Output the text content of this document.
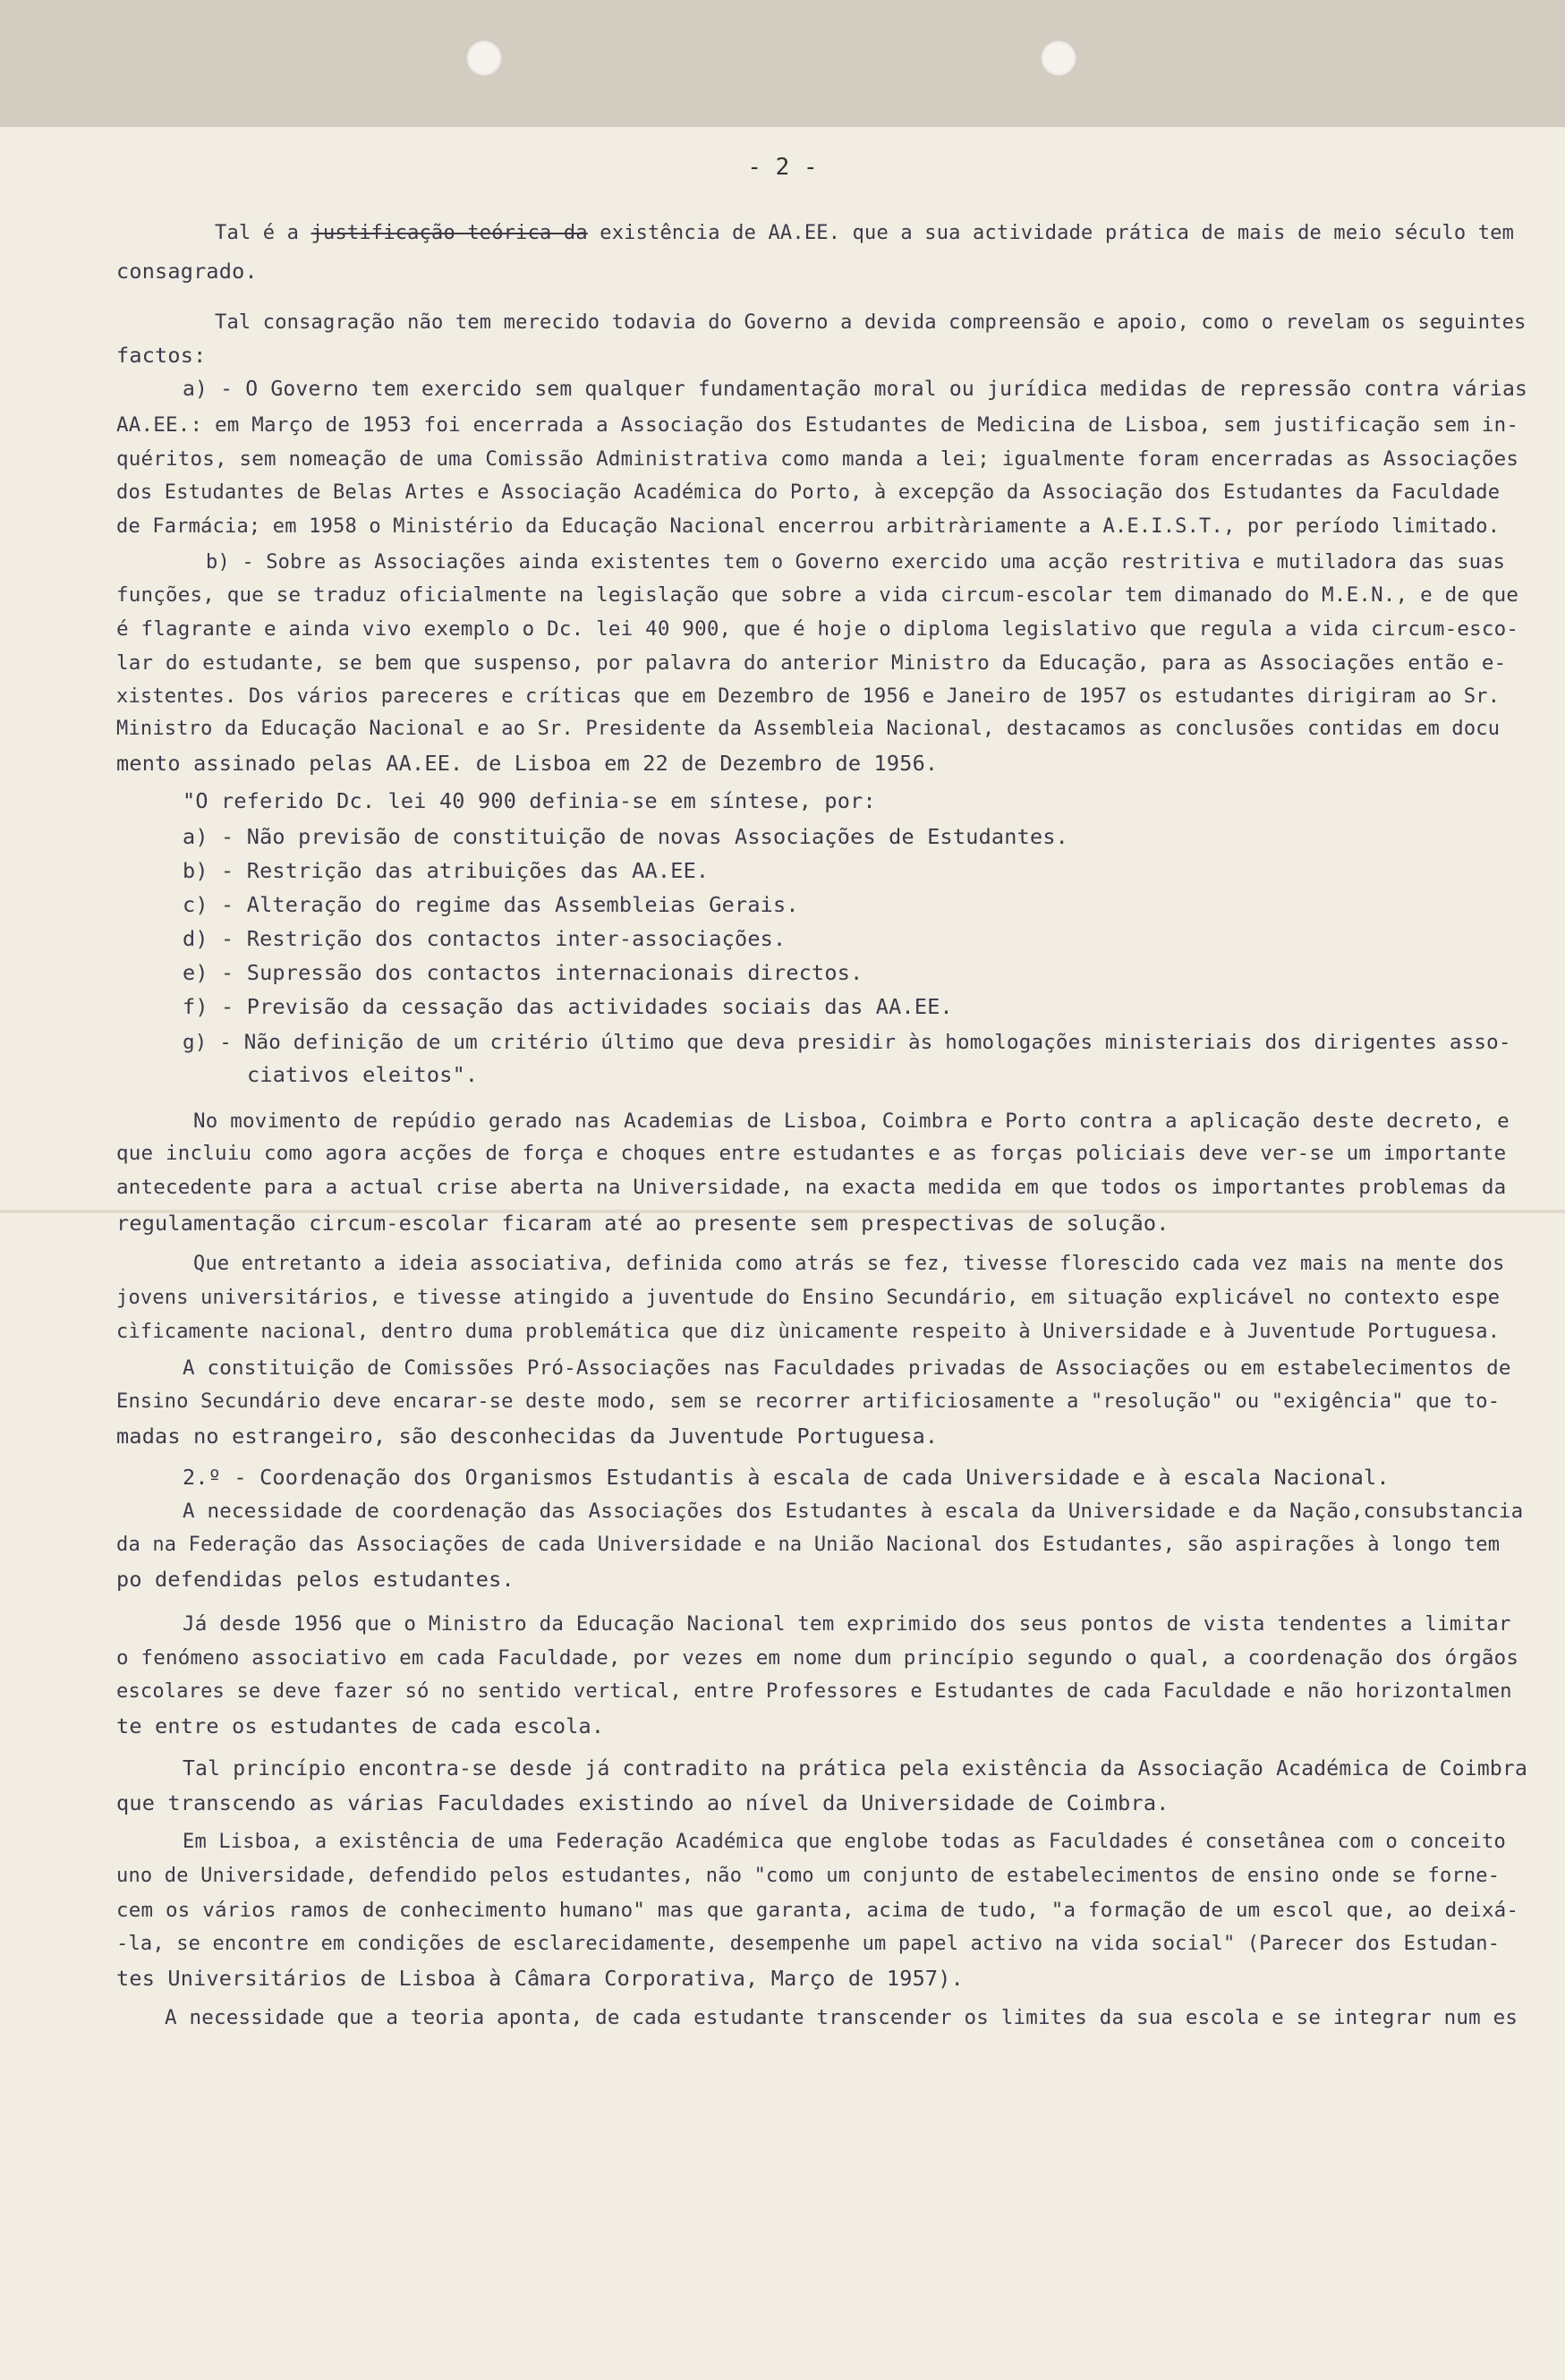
- 2 -
Tal é a justificação teórica da existência de AA.EE. que a sua actividade prática de mais de meio século tem
consagrado.
Tal consagração não tem merecido todavia do Governo a devida compreensão e apoio, como o revelam os seguintes
factos:
a) - O Governo tem exercido sem qualquer fundamentação moral ou jurídica medidas de repressão contra várias
AA.EE.: em Março de 1953 foi encerrada a Associação dos Estudantes de Medicina de Lisboa, sem justificação sem in-
quéritos, sem nomeação de uma Comissão Administrativa como manda a lei; igualmente foram encerradas as Associações
dos Estudantes de Belas Artes e Associação Académica do Porto, à excepção da Associação dos Estudantes da Faculdade
de Farmácia; em 1958 o Ministério da Educação Nacional encerrou arbitràriamente a A.E.I.S.T., por período limitado.
b) - Sobre as Associações ainda existentes tem o Governo exercido uma acção restritiva e mutiladora das suas
funções, que se traduz oficialmente na legislação que sobre a vida circum-escolar tem dimanado do M.E.N., e de que
é flagrante e ainda vivo exemplo o Dc. lei 40 900, que é hoje o diploma legislativo que regula a vida circum-esco-
lar do estudante, se bem que suspenso, por palavra do anterior Ministro da Educação, para as Associações então e-
xistentes. Dos vários pareceres e críticas que em Dezembro de 1956 e Janeiro de 1957 os estudantes dirigiram ao Sr.
Ministro da Educação Nacional e ao Sr. Presidente da Assembleia Nacional, destacamos as conclusões contidas em docu
mento assinado pelas AA.EE. de Lisboa em 22 de Dezembro de 1956.
"O referido Dc. lei 40 900 definia-se em síntese, por:
a) - Não previsão de constituição de novas Associações de Estudantes.
b) - Restrição das atribuições das AA.EE.
c) - Alteração do regime das Assembleias Gerais.
d) - Restrição dos contactos inter-associações.
e) - Supressão dos contactos internacionais directos.
f) - Previsão da cessação das actividades sociais das AA.EE.
g) - Não definição de um critério último que deva presidir às homologações ministeriais dos dirigentes asso-
ciativos eleitos".
No movimento de repúdio gerado nas Academias de Lisboa, Coimbra e Porto contra a aplicação deste decreto, e
que incluiu como agora acções de força e choques entre estudantes e as forças policiais deve ver-se um importante
antecedente para a actual crise aberta na Universidade, na exacta medida em que todos os importantes problemas da
regulamentação circum-escolar ficaram até ao presente sem prespectivas de solução.
Que entretanto a ideia associativa, definida como atrás se fez, tivesse florescido cada vez mais na mente dos
jovens universitários, e tivesse atingido a juventude do Ensino Secundário, em situação explicável no contexto espe
cìficamente nacional, dentro duma problemática que diz ùnicamente respeito à Universidade e à Juventude Portuguesa.
A constituição de Comissões Pró-Associações nas Faculdades privadas de Associações ou em estabelecimentos de
Ensino Secundário deve encarar-se deste modo, sem se recorrer artificiosamente a "resolução" ou "exigência" que to-
madas no estrangeiro, são desconhecidas da Juventude Portuguesa.
2.º - Coordenação dos Organismos Estudantis à escala de cada Universidade e à escala Nacional.
A necessidade de coordenação das Associações dos Estudantes à escala da Universidade e da Nação,consubstancia
da na Federação das Associações de cada Universidade e na União Nacional dos Estudantes, são aspirações à longo tem
po defendidas pelos estudantes.
Já desde 1956 que o Ministro da Educação Nacional tem exprimido dos seus pontos de vista tendentes a limitar
o fenómeno associativo em cada Faculdade, por vezes em nome dum princípio segundo o qual, a coordenação dos órgãos
escolares se deve fazer só no sentido vertical, entre Professores e Estudantes de cada Faculdade e não horizontalmen
te entre os estudantes de cada escola.
Tal princípio encontra-se desde já contradito na prática pela existência da Associação Académica de Coimbra
que transcendo as várias Faculdades existindo ao nível da Universidade de Coimbra.
Em Lisboa, a existência de uma Federação Académica que englobe todas as Faculdades é consetânea com o conceito
uno de Universidade, defendido pelos estudantes, não "como um conjunto de estabelecimentos de ensino onde se forne-
cem os vários ramos de conhecimento humano" mas que garanta, acima de tudo, "a formação de um escol que, ao deixá-
-la, se encontre em condições de esclarecidamente, desempenhe um papel activo na vida social" (Parecer dos Estudan-
tes Universitários de Lisboa à Câmara Corporativa, Março de 1957).
A necessidade que a teoria aponta, de cada estudante transcender os limites da sua escola e se integrar num es
